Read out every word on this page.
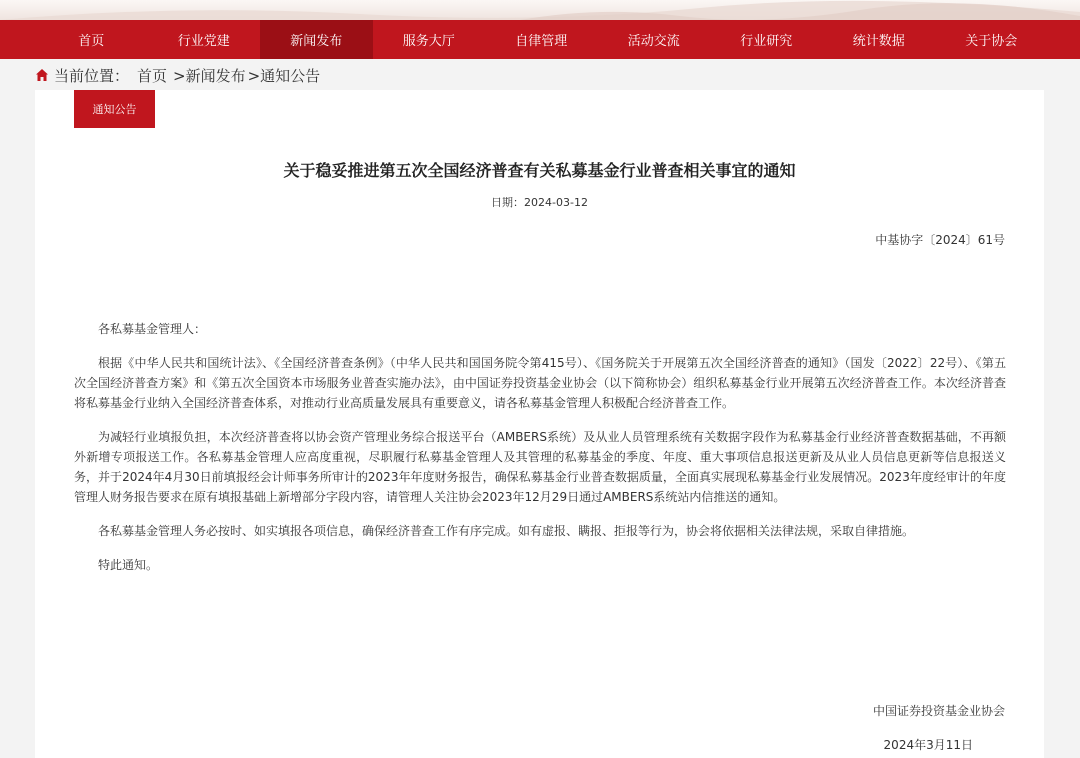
首页	行业党建	新闻发布	服务大厅	自律管理	活动交流	行业研究	统计数据	关于协会
当前位置： 首页 >新闻发布 >通知公告
通知公告
关于稳妥推进第五次全国经济普查有关私募基金行业普查相关事宜的通知
日期：2024-03-12
中基协字〔2024〕61号

各私募基金管理人：

根据《中华人民共和国统计法》、《全国经济普查条例》（中华人民共和国国务院令第415号）、《国务院关于开展第五次全国经济普查的通知》（国发〔2022〕22号）、《第五次全国经济普查方案》和《第五次全国资本市场服务业普查实施办法》，由中国证券投资基金业协会（以下简称协会）组织私募基金行业开展第五次经济普查工作。本次经济普查将私募基金行业纳入全国经济普查体系，对推动行业高质量发展具有重要意义，请各私募基金管理人积极配合经济普查工作。

为减轻行业填报负担，本次经济普查将以协会资产管理业务综合报送平台（AMBERS系统）及从业人员管理系统有关数据字段作为私募基金行业经济普查数据基础，不再额外新增专项报送工作。各私募基金管理人应高度重视，尽职履行私募基金管理人及其管理的私募基金的季度、年度、重大事项信息报送更新及从业人员信息更新等信息报送义务，并于2024年4月30日前填报经会计师事务所审计的2023年年度财务报告，确保私募基金行业普查数据质量，全面真实展现私募基金行业发展情况。2023年度经审计的年度管理人财务报告要求在原有填报基础上新增部分字段内容，请管理人关注协会2023年12月29日通过AMBERS系统站内信推送的通知。

各私募基金管理人务必按时、如实填报各项信息，确保经济普查工作有序完成。如有虚报、瞒报、拒报等行为，协会将依据相关法律法规，采取自律措施。

特此通知。

中国证券投资基金业协会
2024年3月11日
